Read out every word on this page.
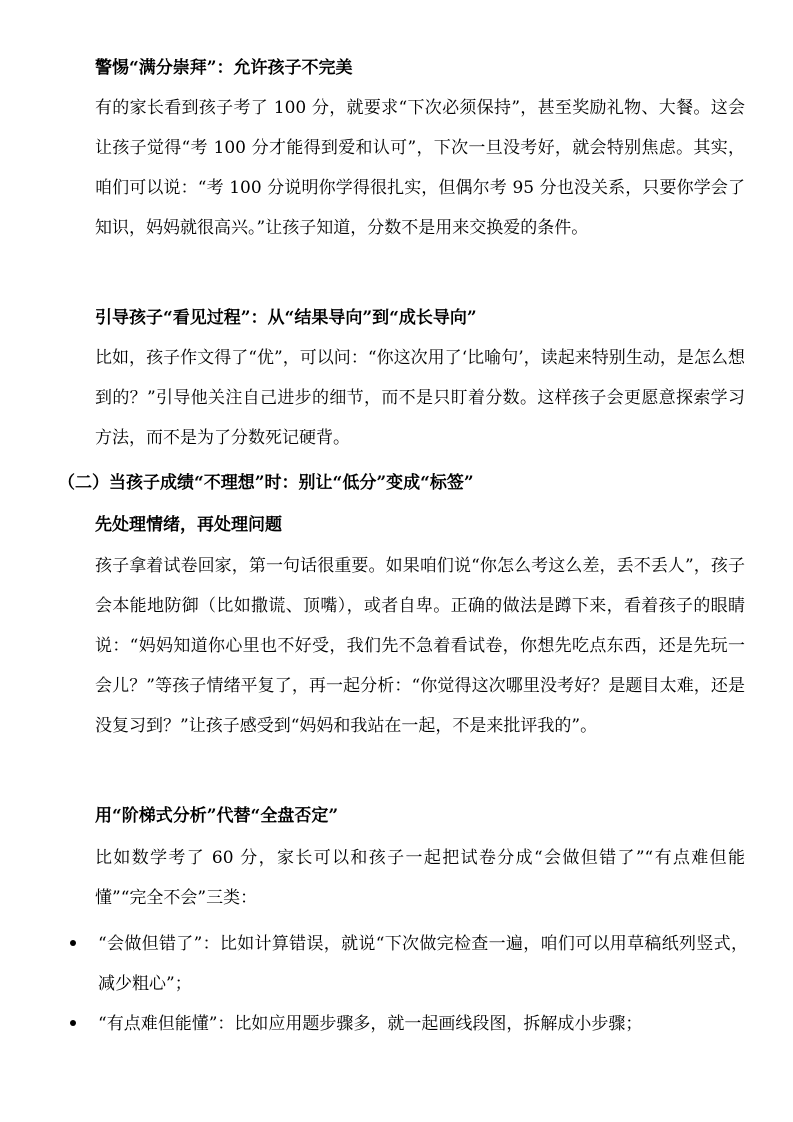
警惕“满分崇拜”：允许孩子不完美
有的家长看到孩子考了 100 分，就要求“下次必须保持”，甚至奖励礼物、大餐。这会让孩子觉得“考 100 分才能得到爱和认可”，下次一旦没考好，就会特别焦虑。其实，咱们可以说：“考 100 分说明你学得很扎实，但偶尔考 95 分也没关系，只要你学会了知识，妈妈就很高兴。”让孩子知道，分数不是用来交换爱的条件。
引导孩子“看见过程”：从“结果导向”到“成长导向”
比如，孩子作文得了“优”，可以问：“你这次用了‘比喻句’，读起来特别生动，是怎么想到的？”引导他关注自己进步的细节，而不是只盯着分数。这样孩子会更愿意探索学习方法，而不是为了分数死记硬背。
（二）当孩子成绩“不理想”时：别让“低分”变成“标签”
先处理情绪，再处理问题
孩子拿着试卷回家，第一句话很重要。如果咱们说“你怎么考这么差，丢不丢人”，孩子会本能地防御（比如撒谎、顶嘴），或者自卑。正确的做法是蹲下来，看着孩子的眼睛说：“妈妈知道你心里也不好受，我们先不急着看试卷，你想先吃点东西，还是先玩一会儿？”等孩子情绪平复了，再一起分析：“你觉得这次哪里没考好？是题目太难，还是没复习到？”让孩子感受到“妈妈和我站在一起，不是来批评我的”。
用“阶梯式分析”代替“全盘否定”
比如数学考了 60 分，家长可以和孩子一起把试卷分成“会做但错了”“有点难但能懂”“完全不会”三类：
“会做但错了”：比如计算错误，就说“下次做完检查一遍，咱们可以用草稿纸列竖式，减少粗心”；
“有点难但能懂”：比如应用题步骤多，就一起画线段图，拆解成小步骤；
